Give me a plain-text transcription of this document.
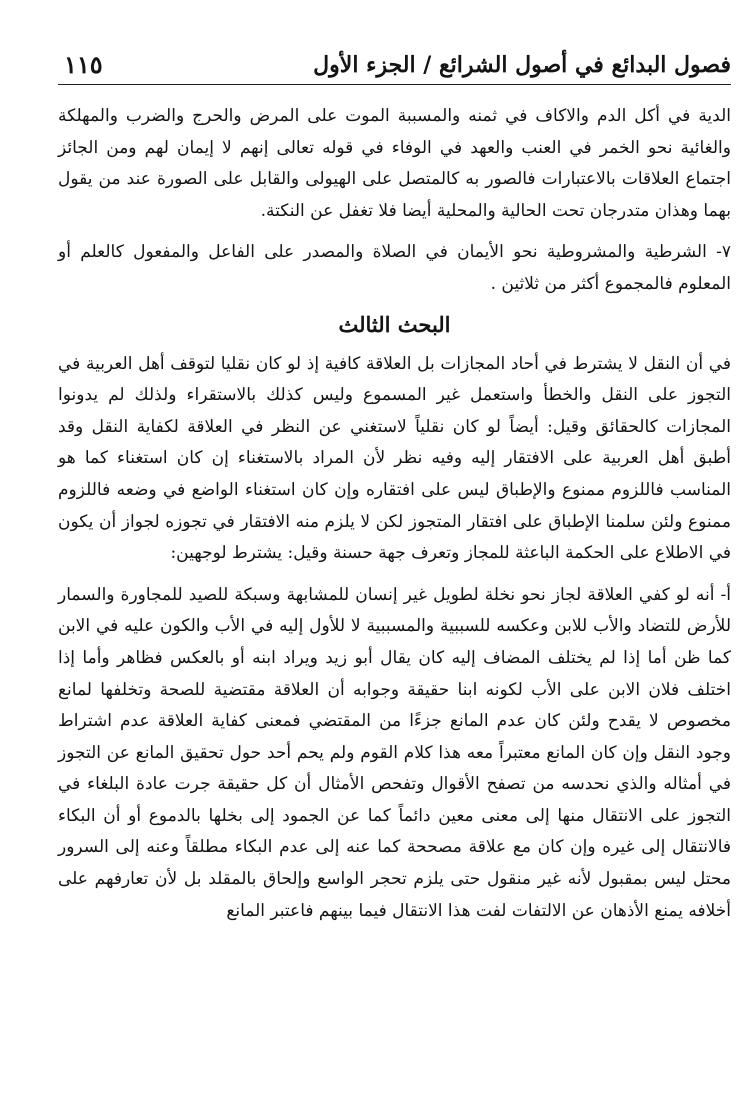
فصول البدائع في أصول الشرائع / الجزء الأول
١١٥

الدية في أكل الدم والاكاف في ثمنه والمسببة الموت على المرض والحرج والضرب والمهلكة والغائية نحو الخمر في العنب والعهد في الوفاء في قوله تعالى إنهم لا إيمان لهم ومن الجائز اجتماع العلاقات بالاعتبارات فالصور به كالمتصل على الهيولى والقابل على الصورة عند من يقول بهما وهذان متدرجان تحت الحالية والمحلية أيضا فلا تغفل عن النكتة.

٧- الشرطية والمشروطية نحو الأيمان في الصلاة والمصدر على الفاعل والمفعول كالعلم أو المعلوم فالمجموع أكثر من ثلاثين .

البحث الثالث

في أن النقل لا يشترط في أحاد المجازات بل العلاقة كافية إذ لو كان نقليا لتوقف أهل العربية في التجوز على النقل والخطأ واستعمل غير المسموع وليس كذلك بالاستقراء ولذلك لم يدونوا المجازات كالحقائق وقيل: أيضاً لو كان نقلياً لاستغني عن النظر في العلاقة لكفاية النقل وقد أطبق أهل العربية على الافتقار إليه وفيه نظر لأن المراد بالاستغناء إن كان استغناء كما هو المناسب فاللزوم ممنوع والإطباق ليس على افتقاره وإن كان استغناء الواضع في وضعه فاللزوم ممنوع ولئن سلمنا الإطباق على افتقار المتجوز لكن لا يلزم منه الافتقار في تجوزه لجواز أن يكون في الاطلاع على الحكمة الباعثة للمجاز وتعرف جهة حسنة وقيل: يشترط لوجهين:

أ- أنه لو كفي العلاقة لجاز نحو نخلة لطويل غير إنسان للمشابهة وسبكة للصيد للمجاورة والسمار للأرض للتضاد والأب للابن وعكسه للسببية والمسببية لا للأول إليه في الأب والكون عليه في الابن كما ظن أما إذا لم يختلف المضاف إليه كان يقال أبو زيد ويراد ابنه أو بالعكس فظاهر وأما إذا اختلف فلان الابن على الأب لكونه ابنا حقيقة وجوابه أن العلاقة مقتضية للصحة وتخلفها لمانع مخصوص لا يقدح ولئن كان عدم المانع جزءًا من المقتضي فمعنى كفاية العلاقة عدم اشتراط وجود النقل وإن كان المانع معتبراً معه هذا كلام القوم ولم يحم أحد حول تحقيق المانع عن التجوز في أمثاله والذي نحدسه من تصفح الأقوال وتفحص الأمثال أن كل حقيقة جرت عادة البلغاء في التجوز على الانتقال منها إلى معنى معين دائماً كما عن الجمود إلى بخلها بالدموع أو أن البكاء فالانتقال إلى غيره وإن كان مع علاقة مصححة كما عنه إلى عدم البكاء مطلقاً وعنه إلى السرور محتل ليس بمقبول لأنه غير منقول حتى يلزم تحجر الواسع وإلحاق بالمقلد بل لأن تعارفهم على أخلافه يمنع الأذهان عن الالتفات لفت هذا الانتقال فيما بينهم فاعتبر المانع
